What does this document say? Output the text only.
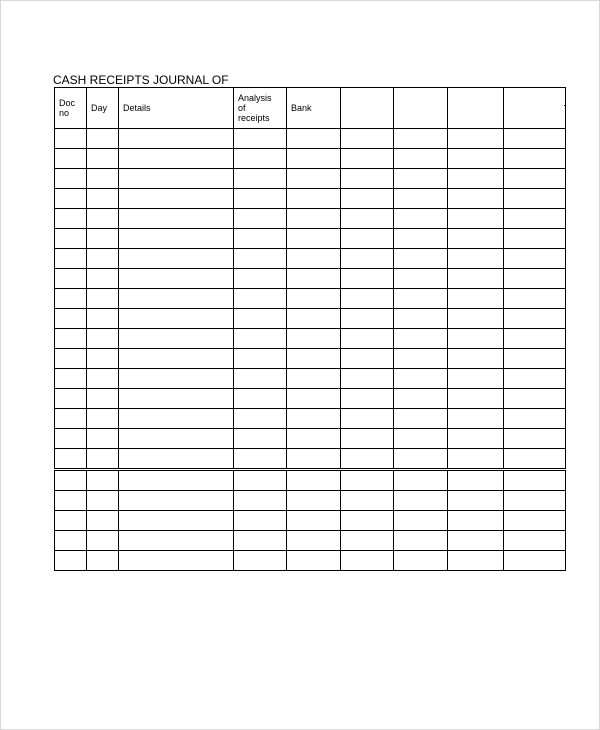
CASH RECEIPTS JOURNAL OF
Doc
no	Day	Details	Analysis
of
receipts	Bank				
